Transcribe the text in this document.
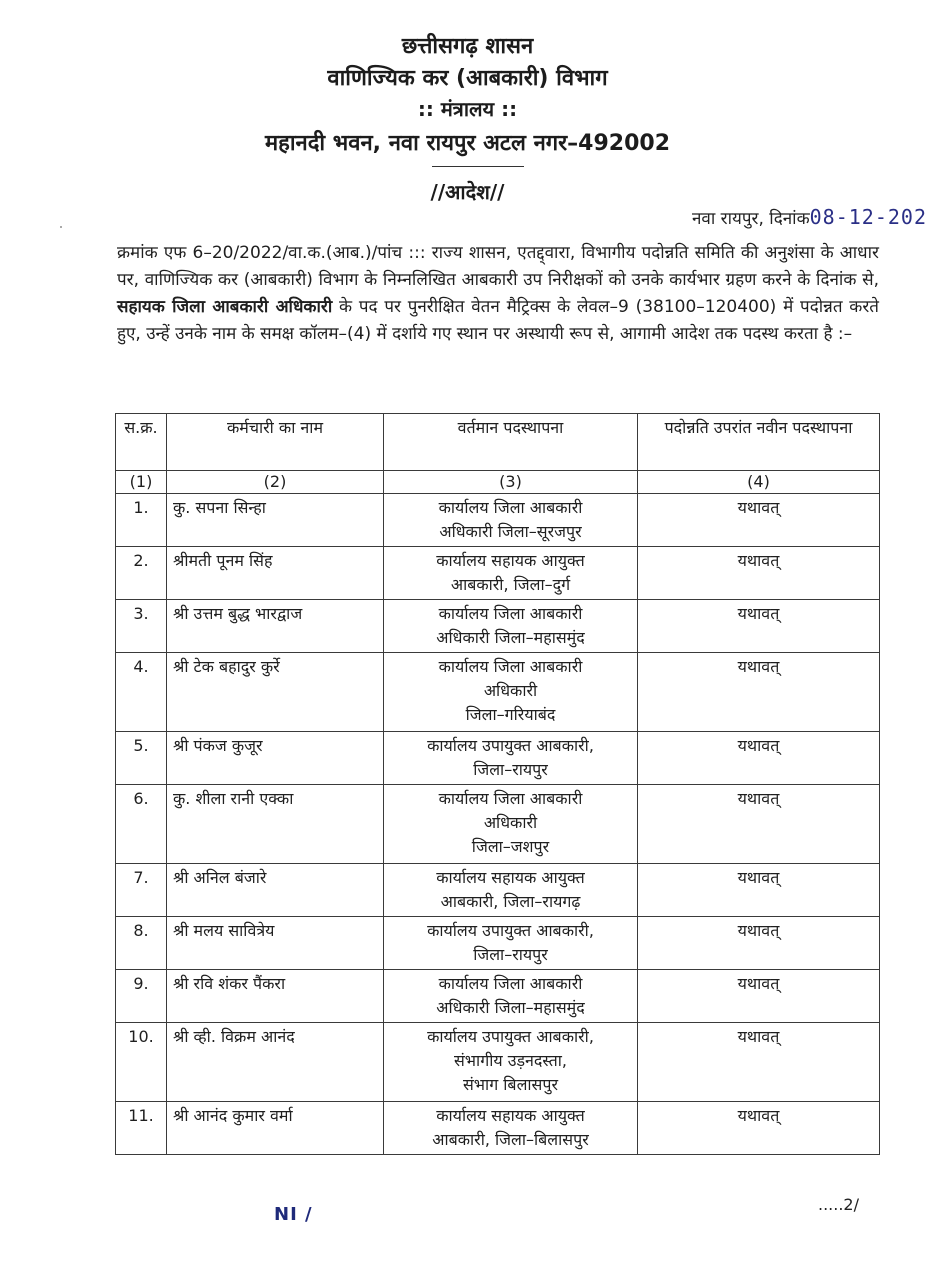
छत्तीसगढ़ शासन
वाणिज्यिक कर (आबकारी) विभाग
:: मंत्रालय ::
महानदी भवन, नवा रायपुर अटल नगर–492002
//आदेश//
नवा रायपुर, दिनांक08-12-202
क्रमांक एफ 6–20/2022/वा.क.(आब.)/पांच ::: राज्य शासन, एतद्द्वारा, विभागीय पदोन्नति समिति की अनुशंसा के आधार पर, वाणिज्यिक कर (आबकारी) विभाग के निम्नलिखित आबकारी उप निरीक्षकों को उनके कार्यभार ग्रहण करने के दिनांक से, सहायक जिला आबकारी अधिकारी के पद पर पुनरीक्षित वेतन मैट्रिक्स के लेवल–9 (38100–120400) में पदोन्नत करते हुए, उन्हें उनके नाम के समक्ष कॉलम–(4) में दर्शाये गए स्थान पर अस्थायी रूप से, आगामी आदेश तक पदस्थ करता है :–
स.क्र.	कर्मचारी का नाम	वर्तमान पदस्थापना	पदोन्नति उपरांत नवीन पदस्थापना
(1)	(2)	(3)	(4)
1.	कु. सपना सिन्हा	कार्यालय जिला आबकारी
अधिकारी जिला–सूरजपुर	यथावत्
2.	श्रीमती पूनम सिंह	कार्यालय सहायक आयुक्त
आबकारी, जिला–दुर्ग	यथावत्
3.	श्री उत्तम बुद्ध भारद्वाज	कार्यालय जिला आबकारी
अधिकारी जिला–महासमुंद	यथावत्
4.	श्री टेक बहादुर कुर्रे	कार्यालय जिला आबकारी
अधिकारी
जिला–गरियाबंद	यथावत्
5.	श्री पंकज कुजूर	कार्यालय उपायुक्त आबकारी,
जिला–रायपुर	यथावत्
6.	कु. शीला रानी एक्का	कार्यालय जिला आबकारी
अधिकारी
जिला–जशपुर	यथावत्
7.	श्री अनिल बंजारे	कार्यालय सहायक आयुक्त
आबकारी, जिला–रायगढ़	यथावत्
8.	श्री मलय सावित्रेय	कार्यालय उपायुक्त आबकारी,
जिला–रायपुर	यथावत्
9.	श्री रवि शंकर पैंकरा	कार्यालय जिला आबकारी
अधिकारी जिला–महासमुंद	यथावत्
10.	श्री व्ही. विक्रम आनंद	कार्यालय उपायुक्त आबकारी,
संभागीय उड़नदस्ता,
संभाग बिलासपुर	यथावत्
11.	श्री आनंद कुमार वर्मा	कार्यालय सहायक आयुक्त
आबकारी, जिला–बिलासपुर	यथावत्
NI /	.....2/
